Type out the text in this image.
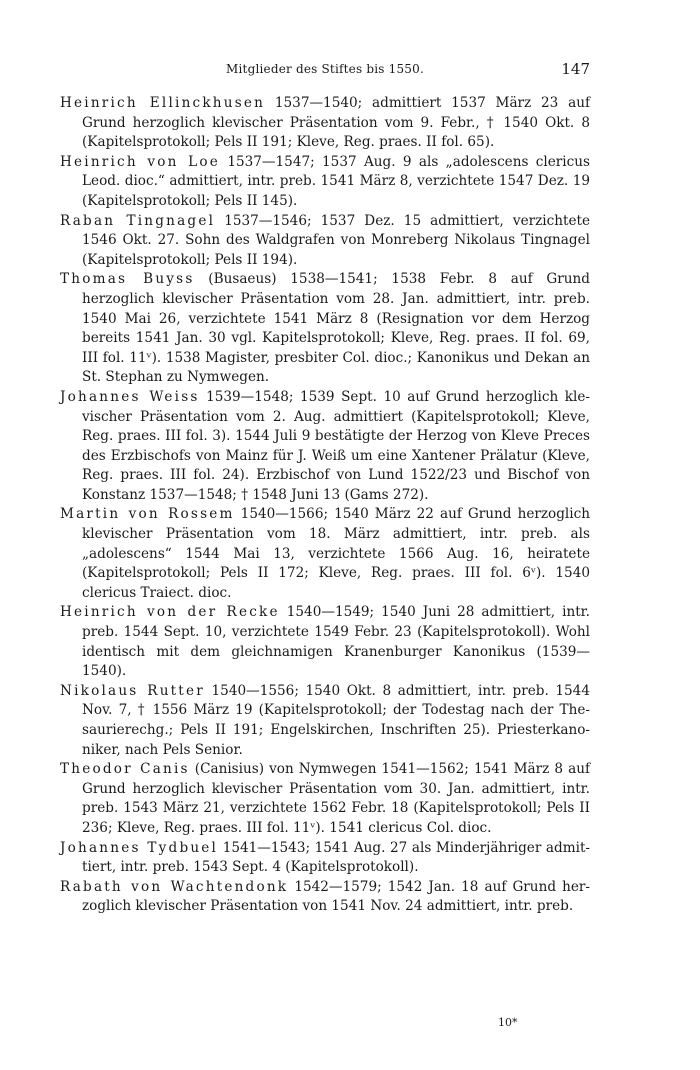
Mitglieder des Stiftes bis 1550.	147

Heinrich Ellinckhusen 1537—1540; admittiert 1537 März 23 auf Grund herzoglich klevischer Präsentation vom 9. Febr., † 1540 Okt. 8 (Kapitelsprotokoll; Pels II 191; Kleve, Reg. praes. II fol. 65).

Heinrich von Loe 1537—1547; 1537 Aug. 9 als „adolescens clericus Leod. dioc.“ admittiert, intr. preb. 1541 März 8, verzichtete 1547 Dez. 19 (Kapitelsprotokoll; Pels II 145).

Raban Tingnagel 1537—1546; 1537 Dez. 15 admittiert, verzichtete 1546 Okt. 27. Sohn des Waldgrafen von Monreberg Nikolaus Tingnagel (Kapitelsprotokoll; Pels II 194).

Thomas Buyss (Busaeus) 1538—1541; 1538 Febr. 8 auf Grund herzoglich klevischer Präsentation vom 28. Jan. admittiert, intr. preb. 1540 Mai 26, verzichtete 1541 März 8 (Resignation vor dem Herzog bereits 1541 Jan. 30 vgl. Kapitelsprotokoll; Kleve, Reg. praes. II fol. 69, III fol. 11ᵛ). 1538 Magister, presbiter Col. dioc.; Kanonikus und Dekan an St. Stephan zu Nymwegen.

Johannes Weiss 1539—1548; 1539 Sept. 10 auf Grund herzoglich klevischer Präsentation vom 2. Aug. admittiert (Kapitelsprotokoll; Kleve, Reg. praes. III fol. 3). 1544 Juli 9 bestätigte der Herzog von Kleve Preces des Erzbischofs von Mainz für J. Weiß um eine Xantener Prälatur (Kleve, Reg. praes. III fol. 24). Erzbischof von Lund 1522/23 und Bischof von Konstanz 1537—1548; † 1548 Juni 13 (Gams 272).

Martin von Rossem 1540—1566; 1540 März 22 auf Grund herzoglich klevischer Präsentation vom 18. März admittiert, intr. preb. als „adolescens“ 1544 Mai 13, verzichtete 1566 Aug. 16, heiratete (Kapitelsprotokoll; Pels II 172; Kleve, Reg. praes. III fol. 6ᵛ). 1540 clericus Traiect. dioc.

Heinrich von der Recke 1540—1549; 1540 Juni 28 admittiert, intr. preb. 1544 Sept. 10, verzichtete 1549 Febr. 23 (Kapitelsprotokoll). Wohl identisch mit dem gleichnamigen Kranenburger Kanonikus (1539—1540).

Nikolaus Rutter 1540—1556; 1540 Okt. 8 admittiert, intr. preb. 1544 Nov. 7, † 1556 März 19 (Kapitelsprotokoll; der Todestag nach der Thesaurierechg.; Pels II 191; Engelskirchen, Inschriften 25). Priesterkanoniker, nach Pels Senior.

Theodor Canis (Canisius) von Nymwegen 1541—1562; 1541 März 8 auf Grund herzoglich klevischer Präsentation vom 30. Jan. admittiert, intr. preb. 1543 März 21, verzichtete 1562 Febr. 18 (Kapitelsprotokoll; Pels II 236; Kleve, Reg. praes. III fol. 11ᵛ). 1541 clericus Col. dioc.

Johannes Tydbuel 1541—1543; 1541 Aug. 27 als Minderjähriger admittiert, intr. preb. 1543 Sept. 4 (Kapitelsprotokoll).

Rabath von Wachtendonk 1542—1579; 1542 Jan. 18 auf Grund herzoglich klevischer Präsentation von 1541 Nov. 24 admittiert, intr. preb.

10*
